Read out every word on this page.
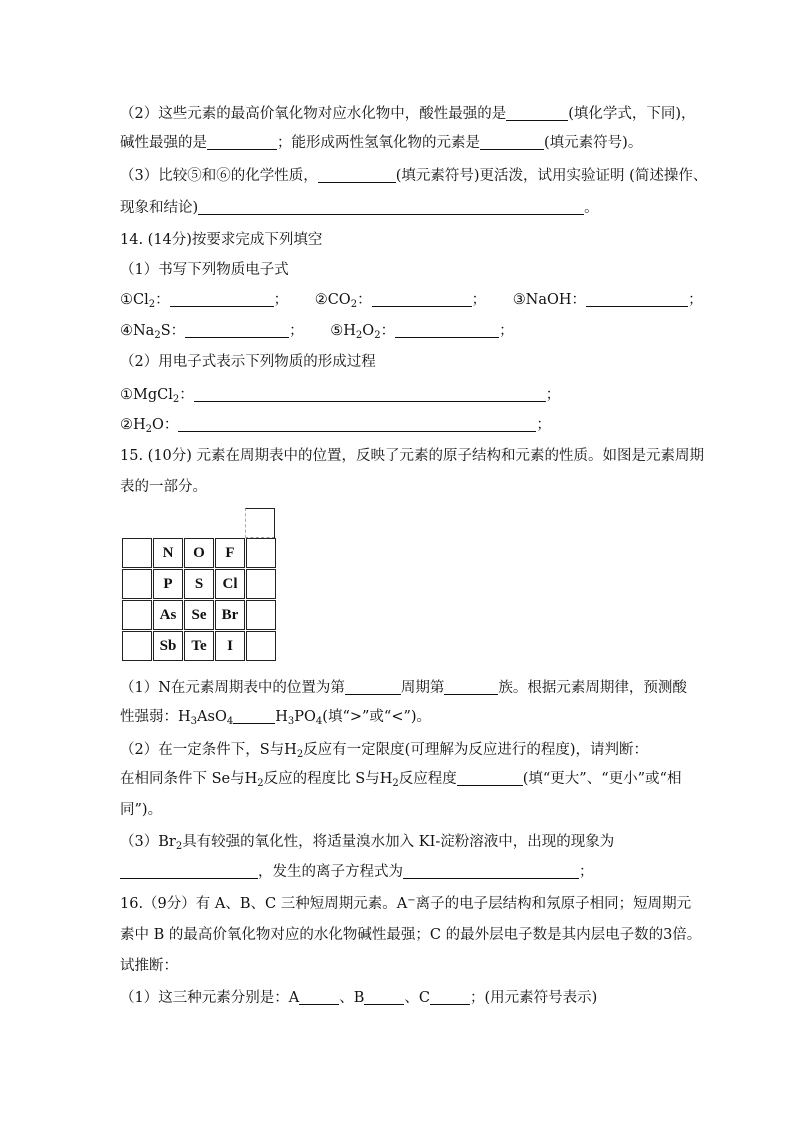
（2）这些元素的最高价氧化物对应水化物中，酸性最强的是	(填化学式，下同)，
碱性最强的是	；能形成两性氢氧化物的元素是	(填元素符号)。
（3）比较⑤和⑥的化学性质，	(填元素符号)更活泼，试用实验证明 (简述操作、
现象和结论)	。
14. (14分)按要求完成下列填空
（1）书写下列物质电子式
$①Cl_2$：	； $②CO_2$：	； ③NaOH：	；
$④Na_2S$：	； $⑤H_2O_2$：	；
（2）用电子式表示下列物质的形成过程
①MgCl$_2$：	；
$②H_2O$：	；
15. (10分) 元素在周期表中的位置，反映了元素的原子结构和元素的性质。如图是元素周期
表的一部分。
N	O	F
P	S	Cl
As	Se	Br
Sb	Te	I
（1）N在元素周期表中的位置为第	周期第	族。根据元素周期律，预测酸
性强弱：$H_3AsO_4$	$H_3PO_4$(填“>”或“<”)。
（2）在一定条件下，S与$H_2$反应有一定限度(可理解为反应进行的程度)，请判断：
在相同条件下 Se与$H_2$反应的程度比 S与$H_2$反应程度	(填“更大”、“更小”或“相
同”)。
$(3)Br_2$具有较强的氧化性，将适量溴水加入 KI-淀粉溶液中，出现的现象为
，发生的离子方程式为	；
16.（9分）有 A、B、C 三种短周期元素。A−离子的电子层结构和氖原子相同；短周期元
素中 B 的最高价氧化物对应的水化物碱性最强；C 的最外层电子数是其内层电子数的3倍。
试推断：
（1）这三种元素分别是：A	、B	、C	；(用元素符号表示)
